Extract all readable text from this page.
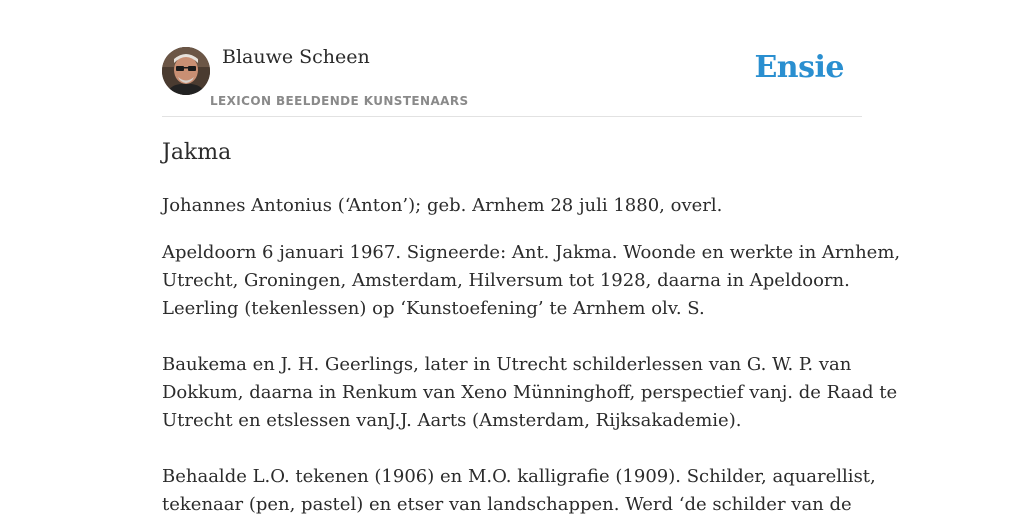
Blauwe Scheen
LEXICON BEELDENDE KUNSTENAARS
Ensie
Jakma

Johannes Antonius (‘Anton’); geb. Arnhem 28 juli 1880, overl.

Apeldoorn 6 januari 1967. Signeerde: Ant. Jakma. Woonde en werkte in Arnhem,
Utrecht, Groningen, Amsterdam, Hilversum tot 1928, daarna in Apeldoorn.
Leerling (tekenlessen) op ‘Kunstoefening’ te Arnhem olv. S.

Baukema en J. H. Geerlings, later in Utrecht schilderlessen van G. W. P. van
Dokkum, daarna in Renkum van Xeno Münninghoff, perspectief vanj. de Raad te
Utrecht en etslessen vanJ.J. Aarts (Amsterdam, Rijksakademie).

Behaalde L.O. tekenen (1906) en M.O. kalligrafie (1909). Schilder, aquarellist,
tekenaar (pen, pastel) en etser van landschappen. Werd ‘de schilder van de
